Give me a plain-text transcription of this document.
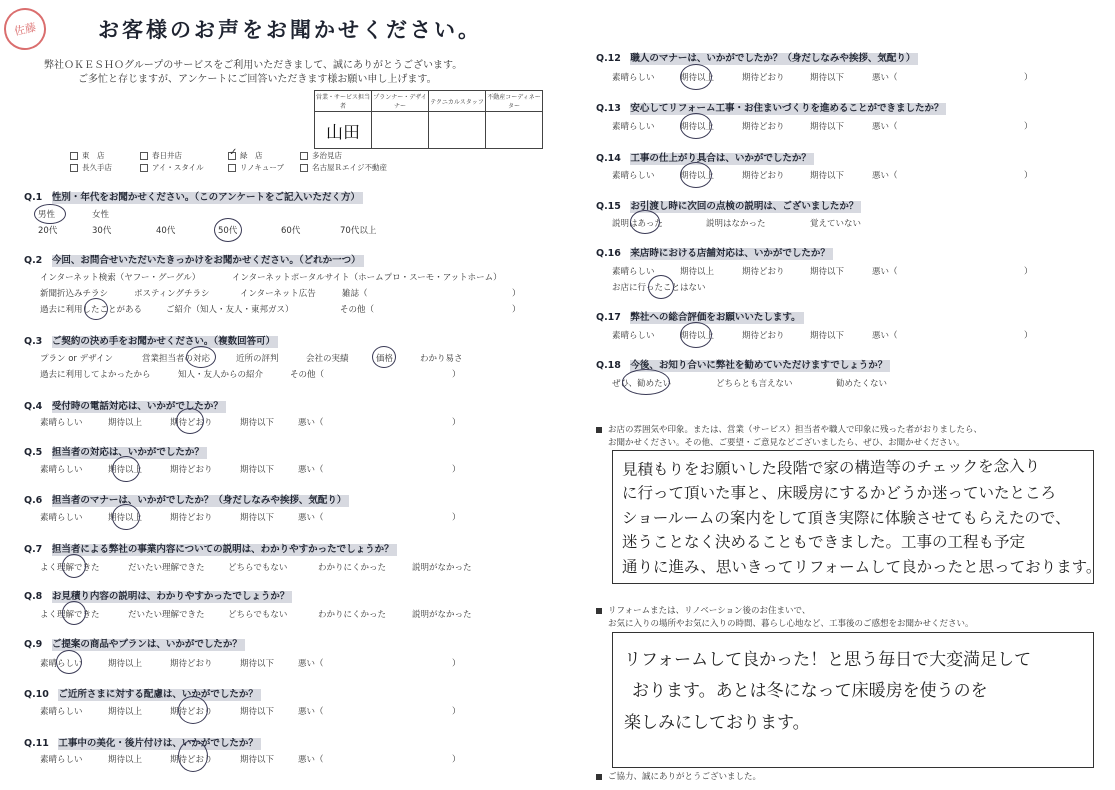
佐藤	お客様のお声をお聞かせください。
弊社ＯＫＥＳＨＯグループのサービスをご利用いただきまして、誠にありがとうございます。
ご多忙と存じますが、アンケートにご回答いただきます様お願い申し上げます。
営業・サービス担当者	プランナー・デザイナー	テクニカルスタッフ	不動産コーディネーター
山田			
東　店	春日井店	✓ 緑　店	多治見店
長久手店	アイ・スタイル	リノキューブ	名古屋Ｒエイジ不動産
Q.1　 性別・年代をお聞かせください。（このアンケートをご記入いただく方）
男性	女性
20代	30代	40代	50代	60代	70代以上
Q.2　 今回、お問合せいただいたきっかけをお聞かせください。（どれか一つ）
インターネット検索（ヤフー・グーグル）	インターネットポータルサイト（ホームプロ・スーモ・アットホーム）
新聞折込みチラシ	ポスティングチラシ	インターネット広告	雑誌（	）
過去に利用したことがある	ご紹介（知人・友人・東邦ガス）	その他（	）
Q.3　 ご契約の決め手をお聞かせください。（複数回答可）
プラン or デザイン	営業担当者の対応	近所の評判	会社の実績	価格	わかり易さ
過去に利用してよかったから	知人・友人からの紹介	その他（	）
Q.4　 受付時の電話対応は、いかがでしたか？
素晴らしい	期待以上	期待どおり	期待以下	悪い（	）
Q.5　 担当者の対応は、いかがでしたか？
素晴らしい	期待以上	期待どおり	期待以下	悪い（	）
Q.6　 担当者のマナーは、いかがでしたか？（身だしなみや挨拶、気配り）
素晴らしい	期待以上	期待どおり	期待以下	悪い（	）
Q.7　 担当者による弊社の事業内容についての説明は、わかりやすかったでしょうか？
よく理解できた	だいたい理解できた	どちらでもない	わかりにくかった	説明がなかった
Q.8　 お見積り内容の説明は、わかりやすかったでしょうか？
よく理解できた	だいたい理解できた	どちらでもない	わかりにくかった	説明がなかった
Q.9　 ご提案の商品やプランは、いかがでしたか？
素晴らしい	期待以上	期待どおり	期待以下	悪い（	）
Q.10　 ご近所さまに対する配慮は、いかがでしたか？
素晴らしい	期待以上	期待どおり	期待以下	悪い（	）
Q.11　 工事中の美化・後片付けは、いかがでしたか？
素晴らしい	期待以上	期待どおり	期待以下	悪い（	）
Q.12　 職人のマナーは、いかがでしたか？（身だしなみや挨拶、気配り）
素晴らしい	期待以上	期待どおり	期待以下	悪い（	）
Q.13　 安心してリフォーム工事・お住まいづくりを進めることができましたか？
素晴らしい	期待以上	期待どおり	期待以下	悪い（	）
Q.14　 工事の仕上がり具合は、いかがでしたか？
素晴らしい	期待以上	期待どおり	期待以下	悪い（	）
Q.15　 お引渡し時に次回の点検の説明は、ございましたか？
説明はあった	説明はなかった	覚えていない
Q.16　 来店時における店舗対応は、いかがでしたか？
素晴らしい	期待以上	期待どおり	期待以下	悪い（	）
お店に行ったことはない
Q.17　 弊社への総合評価をお願いいたします。
素晴らしい	期待以上	期待どおり	期待以下	悪い（	）
Q.18　 今後、お知り合いに弊社を勧めていただけますでしょうか？
ぜひ、勧めたい	どちらとも言えない	勧めたくない
お店の雰囲気や印象。または、営業（サービス）担当者や職人で印象に残った者がおりましたら、
お聞かせください。その他、ご要望・ご意見などございましたら、ぜひ、お聞かせください。
見積もりをお願いした段階で家の構造等のチェックを念入り
に行って頂いた事と、床暖房にするかどうか迷っていたところ
ショールームの案内をして頂き実際に体験させてもらえたので、
迷うことなく決めることもできました。工事の工程も予定
通りに進み、思いきってリフォームして良かったと思っております。
リフォームまたは、リノベーション後のお住まいで、
お気に入りの場所やお気に入りの時間、暮らし心地など、工事後のご感想をお聞かせください。
リフォームして良かった！と思う毎日で大変満足して
おります。あとは冬になって床暖房を使うのを
楽しみにしております。
ご協力、誠にありがとうございました。
